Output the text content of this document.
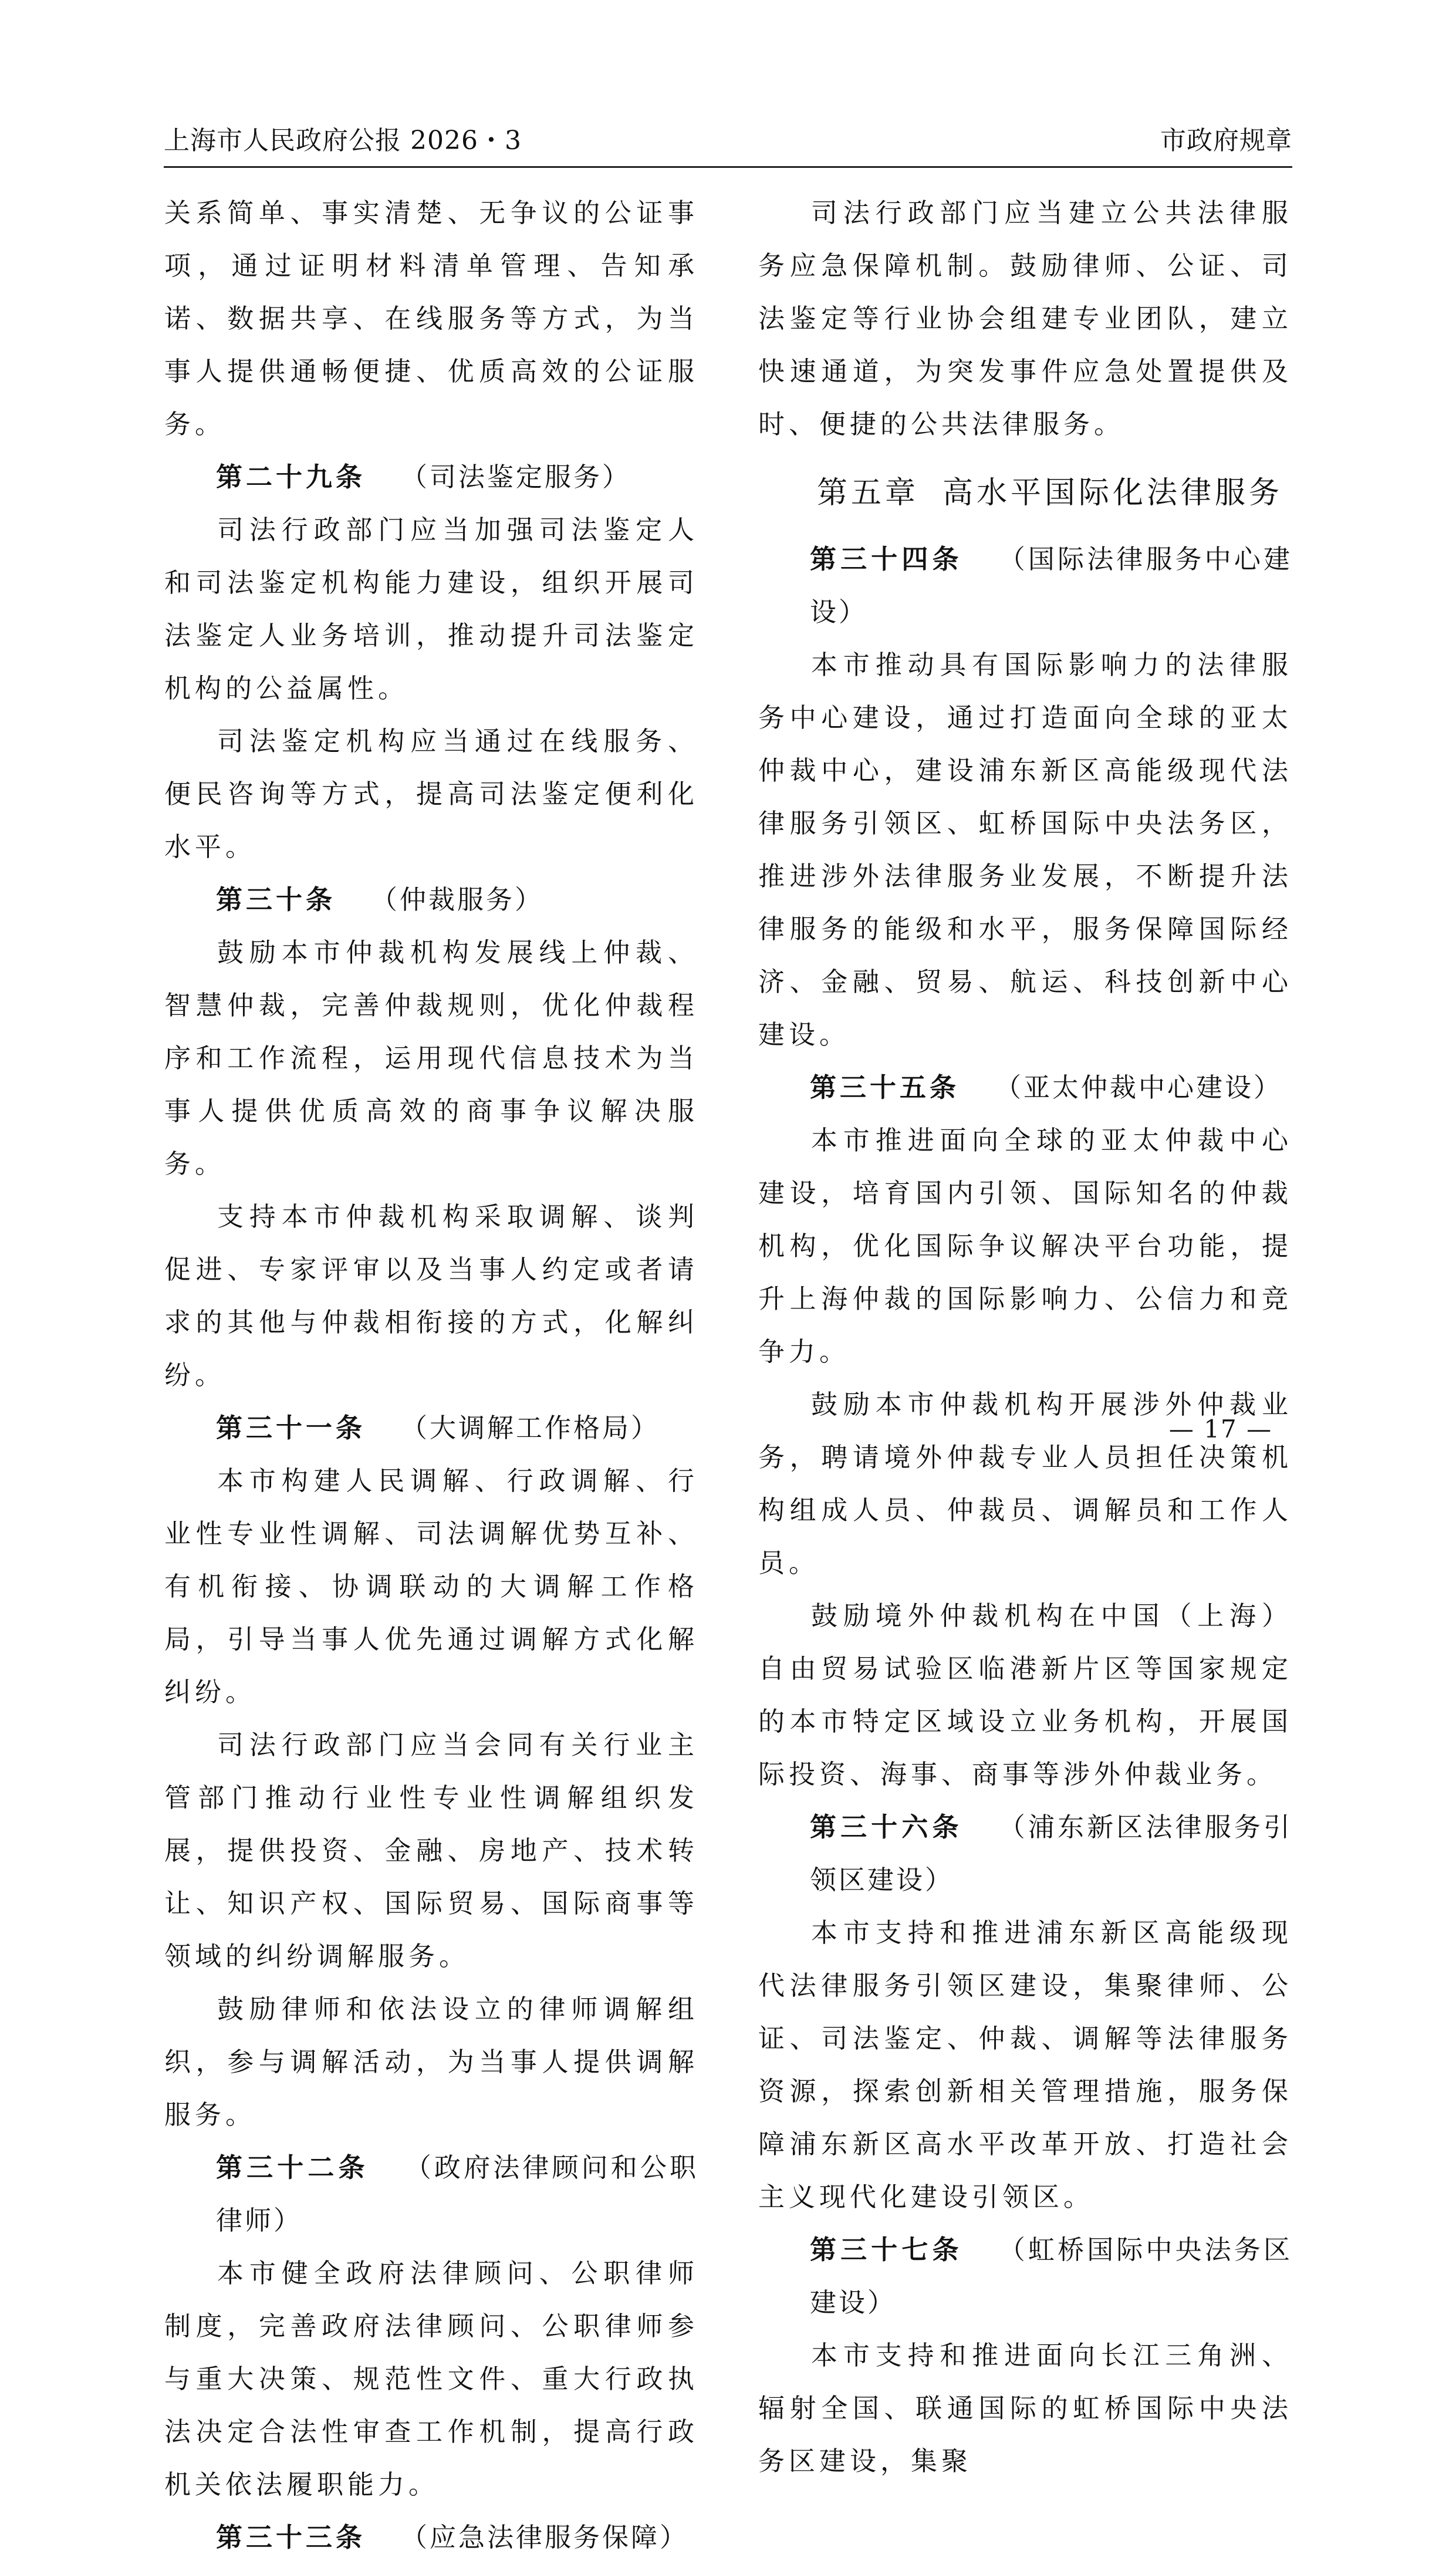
上海市人民政府公报 2026・3	市政府规章

关系简单、事实清楚、无争议的公证事项，通过证明材料清单管理、告知承诺、数据共享、在线服务等方式，为当事人提供通畅便捷、优质高效的公证服务。

第二十九条 （司法鉴定服务）

司法行政部门应当加强司法鉴定人和司法鉴定机构能力建设，组织开展司法鉴定人业务培训，推动提升司法鉴定机构的公益属性。

司法鉴定机构应当通过在线服务、便民咨询等方式，提高司法鉴定便利化水平。

第三十条 （仲裁服务）

鼓励本市仲裁机构发展线上仲裁、智慧仲裁，完善仲裁规则，优化仲裁程序和工作流程，运用现代信息技术为当事人提供优质高效的商事争议解决服务。

支持本市仲裁机构采取调解、谈判促进、专家评审以及当事人约定或者请求的其他与仲裁相衔接的方式，化解纠纷。

第三十一条 （大调解工作格局）

本市构建人民调解、行政调解、行业性专业性调解、司法调解优势互补、有机衔接、协调联动的大调解工作格局，引导当事人优先通过调解方式化解纠纷。

司法行政部门应当会同有关行业主管部门推动行业性专业性调解组织发展，提供投资、金融、房地产、技术转让、知识产权、国际贸易、国际商事等领域的纠纷调解服务。

鼓励律师和依法设立的律师调解组织，参与调解活动，为当事人提供调解服务。

第三十二条 （政府法律顾问和公职律师）

本市健全政府法律顾问、公职律师制度，完善政府法律顾问、公职律师参与重大决策、规范性文件、重大行政执法决定合法性审查工作机制，提高行政机关依法履职能力。

第三十三条 （应急法律服务保障）

司法行政部门应当建立公共法律服务应急保障机制。鼓励律师、公证、司法鉴定等行业协会组建专业团队，建立快速通道，为突发事件应急处置提供及时、便捷的公共法律服务。

第五章 高水平国际化法律服务

第三十四条 （国际法律服务中心建设）

本市推动具有国际影响力的法律服务中心建设，通过打造面向全球的亚太仲裁中心，建设浦东新区高能级现代法律服务引领区、虹桥国际中央法务区，推进涉外法律服务业发展，不断提升法律服务的能级和水平，服务保障国际经济、金融、贸易、航运、科技创新中心建设。

第三十五条 （亚太仲裁中心建设）

本市推进面向全球的亚太仲裁中心建设，培育国内引领、国际知名的仲裁机构，优化国际争议解决平台功能，提升上海仲裁的国际影响力、公信力和竞争力。

鼓励本市仲裁机构开展涉外仲裁业务，聘请境外仲裁专业人员担任决策机构组成人员、仲裁员、调解员和工作人员。

鼓励境外仲裁机构在中国（上海）自由贸易试验区临港新片区等国家规定的本市特定区域设立业务机构，开展国际投资、海事、商事等涉外仲裁业务。

第三十六条 （浦东新区法律服务引领区建设）

本市支持和推进浦东新区高能级现代法律服务引领区建设，集聚律师、公证、司法鉴定、仲裁、调解等法律服务资源，探索创新相关管理措施，服务保障浦东新区高水平改革开放、打造社会主义现代化建设引领区。

第三十七条 （虹桥国际中央法务区建设）

本市支持和推进面向长江三角洲、辐射全国、联通国际的虹桥国际中央法务区建设，集聚

— 17 —
